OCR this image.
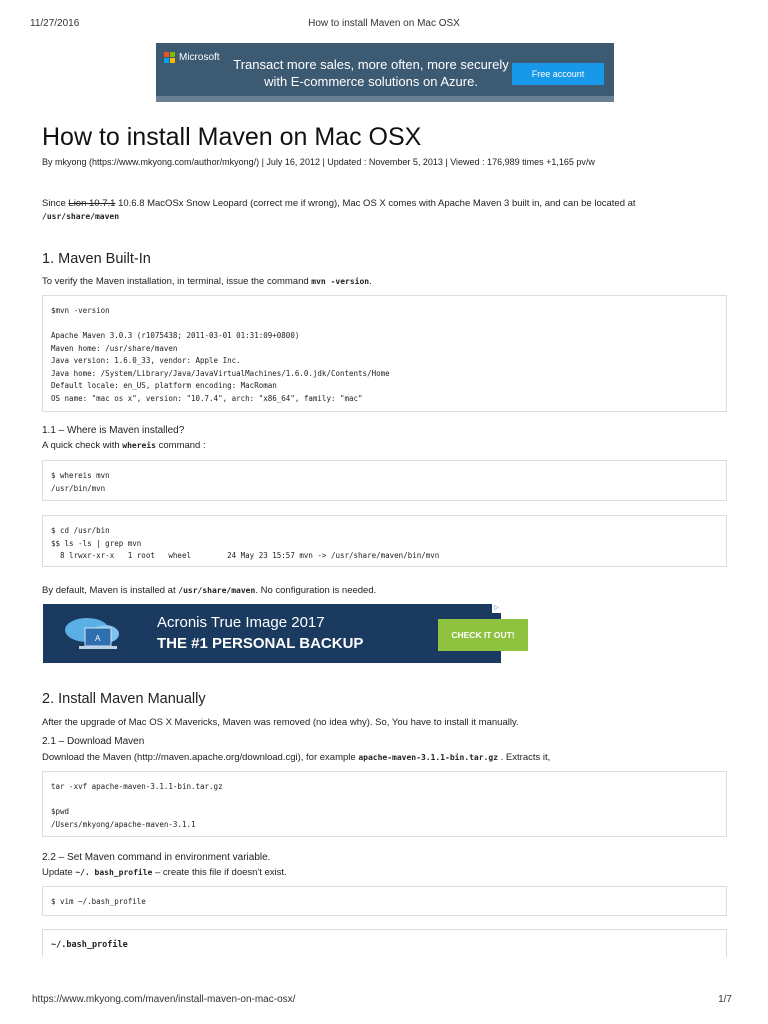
11/27/2016	How to install Maven on Mac OSX
Microsoft	Transact more sales, more often, more securely
with E-commerce solutions on Azure.	Free account
How to install Maven on Mac OSX
By mkyong (https://www.mkyong.com/author/mkyong/) | July 16, 2012 | Updated : November 5, 2013 | Viewed : 176,989 times +1,165 pv/w
Since Lion 10.7.1 10.6.8 MacOSx Snow Leopard (correct me if wrong), Mac OS X comes with Apache Maven 3 built in, and can be located at
/usr/share/maven
1. Maven Built-In
To verify the Maven installation, in terminal, issue the command mvn -version.
$mvn -version
Apache Maven 3.0.3 (r1075438; 2011-03-01 01:31:09+0800)
Maven home: /usr/share/maven
Java version: 1.6.0_33, vendor: Apple Inc.
Java home: /System/Library/Java/JavaVirtualMachines/1.6.0.jdk/Contents/Home
Default locale: en_US, platform encoding: MacRoman
OS name: "mac os x", version: "10.7.4", arch: "x86_64", family: "mac"
1.1 – Where is Maven installed?
A quick check with whereis command :
$ whereis mvn
/usr/bin/mvn
$ cd /usr/bin
$$ ls -ls | grep mvn
8 lrwxr-xr-x   1 root   wheel        24 May 23 15:57 mvn -> /usr/share/maven/bin/mvn
By default, Maven is installed at /usr/share/maven. No configuration is needed.
A
Acronis True Image 2017
THE #1 PERSONAL BACKUP	CHECK IT OUT!
▷
2. Install Maven Manually
After the upgrade of Mac OS X Mavericks, Maven was removed (no idea why). So, You have to install it manually.
2.1 – Download Maven
Download the Maven (http://maven.apache.org/download.cgi), for example apache-maven-3.1.1-bin.tar.gz . Extracts it,
tar -xvf apache-maven-3.1.1-bin.tar.gz
$pwd
/Users/mkyong/apache-maven-3.1.1
2.2 – Set Maven command in environment variable.
Update ~/. bash_profile – create this file if doesn't exist.
$ vim ~/.bash_profile
~/.bash_profile
https://www.mkyong.com/maven/install-maven-on-mac-osx/	1/7
